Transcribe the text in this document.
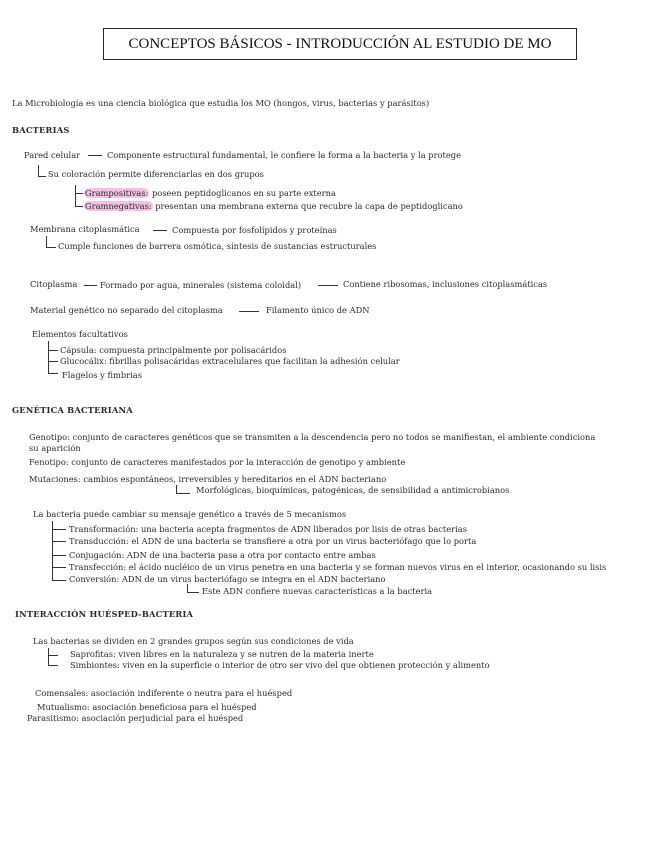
CONCEPTOS BÁSICOS - INTRODUCCIÓN AL ESTUDIO DE MO
La Microbiología es una ciencia biológica que estudia los MO (hongos, virus, bacterias y parásitos)
BACTERIAS
Pared celular	Componente estructural fundamental, le confiere la forma a la bacteria y la protege
Su coloración permite diferenciarlas en dos grupos
Grampositivas: poseen peptidoglicanos en su parte externa
Gramnegativas: presentan una membrana externa que recubre la capa de peptidoglicano
Membrana citoplasmática	Compuesta por fosfolípidos y proteínas
Cumple funciones de barrera osmótica, síntesis de sustancias estructurales
Citoplasma	Formado por agua, minerales (sistema coloidal)	Contiene ribosomas, inclusiones citoplasmáticas
Material genético no separado del citoplasma	Filamento único de ADN
Elementos facultativos
Cápsula: compuesta principalmente por polisacáridos
Glucocálix: fibrillas polisacáridas extracelulares que facilitan la adhesión celular
Flagelos y fimbrias
GENÉTICA BACTERIANA
Genotipo: conjunto de caracteres genéticos que se transmiten a la descendencia pero no todos se manifiestan, el ambiente condiciona
su aparición
Fenotipo: conjunto de caracteres manifestados por la interacción de genotipo y ambiente
Mutaciones: cambios espontáneos, irreversibles y hereditarios en el ADN bacteriano
Morfológicas, bioquímicas, patogénicas, de sensibilidad a antimicrobianos
La bacteria puede cambiar su mensaje genético a través de 5 mecanismos
Transformación: una bacteria acepta fragmentos de ADN liberados por lisis de otras bacterias
Transducción: el ADN de una bacteria se transfiere a otra por un virus bacteriófago que lo porta
Conjugación: ADN de una bacteria pasa a otra por contacto entre ambas
Transfección: el ácido nucléico de un virus penetra en una bacteria y se forman nuevos virus en el interior, ocasionando su lisis
Conversión: ADN de un virus bacteriófago se integra en el ADN bacteriano
Este ADN confiere nuevas características a la bacteria
INTERACCIÓN HUÉSPED-BACTERIA
Las bacterias se dividen en 2 grandes grupos según sus condiciones de vida
Saprofitas: viven libres en la naturaleza y se nutren de la materia inerte
Simbiontes: viven en la superficie o interior de otro ser vivo del que obtienen protección y alimento
Comensales: asociación indiferente o neutra para el huésped
Mutualismo: asociación beneficiosa para el huésped
Parasitismo: asociación perjudicial para el huésped
